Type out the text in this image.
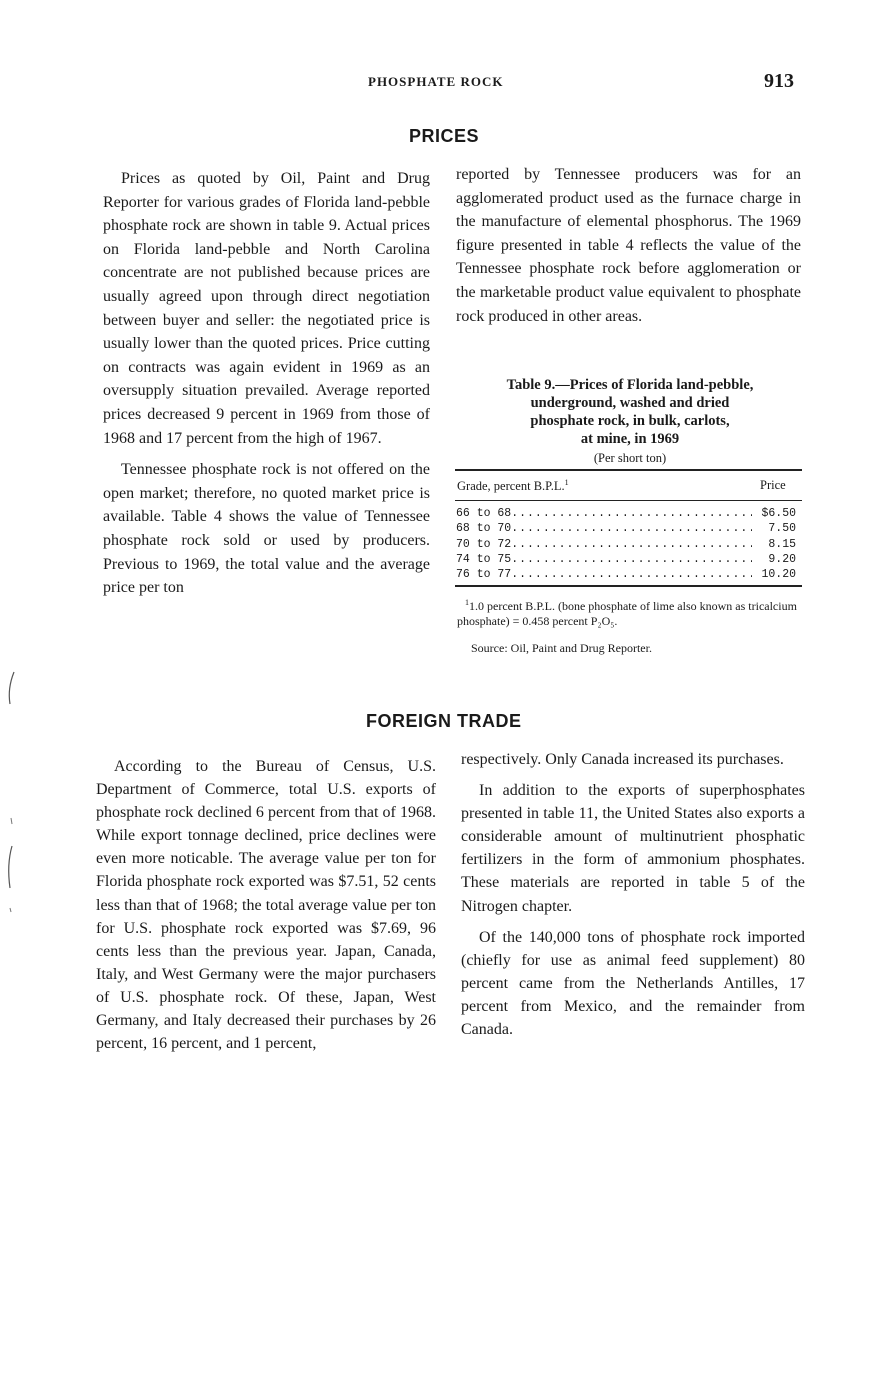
PHOSPHATE ROCK	913
PRICES

Prices as quoted by Oil, Paint and Drug Reporter for various grades of Florida land-pebble phosphate rock are shown in table 9. Actual prices on Florida land-pebble and North Carolina concentrate are not published because prices are usually agreed upon through direct negotiation between buyer and seller: the negotiated price is usually lower than the quoted prices. Price cutting on contracts was again evident in 1969 as an oversupply situation prevailed. Average reported prices decreased 9 percent in 1969 from those of 1968 and 17 percent from the high of 1967.

Tennessee phosphate rock is not offered on the open market; therefore, no quoted market price is available. Table 4 shows the value of Tennessee phosphate rock sold or used by producers. Previous to 1969, the total value and the average price per ton

reported by Tennessee producers was for an agglomerated product used as the furnace charge in the manufacture of elemental phosphorus. The 1969 figure presented in table 4 reflects the value of the Tennessee phosphate rock before agglomeration or the marketable product value equivalent to phosphate rock produced in other areas.

Table 9.—Prices of Florida land-pebble,
underground, washed and dried
phosphate rock, in bulk, carlots,
at mine, in 1969
(Per short ton)
Grade, percent B.P.L.$^1$	Price
66 to 68 .....	$6.50
68 to 70 .....	7.50
70 to 72 .....	8.15
74 to 75 .....	9.20
76 to 77 .....	10.20

$^1$1.0 percent B.P.L. (bone phosphate of lime also known as tricalcium phosphate) = 0.458 percent P₂O₅.

Source: Oil, Paint and Drug Reporter.

FOREIGN TRADE

According to the Bureau of Census, U.S. Department of Commerce, total U.S. exports of phosphate rock declined 6 percent from that of 1968. While export tonnage declined, price declines were even more noticable. The average value per ton for Florida phosphate rock exported was $7.51, 52 cents less than that of 1968; the total average value per ton for U.S. phosphate rock exported was $7.69, 96 cents less than the previous year. Japan, Canada, Italy, and West Germany were the major purchasers of U.S. phosphate rock. Of these, Japan, West Germany, and Italy decreased their purchases by 26 percent, 16 percent, and 1 percent,

respectively. Only Canada increased its purchases.

In addition to the exports of superphosphates presented in table 11, the United States also exports a considerable amount of multinutrient phosphatic fertilizers in the form of ammonium phosphates. These materials are reported in table 5 of the Nitrogen chapter.

Of the 140,000 tons of phosphate rock imported (chiefly for use as animal feed supplement) 80 percent came from the Netherlands Antilles, 17 percent from Mexico, and the remainder from Canada.
